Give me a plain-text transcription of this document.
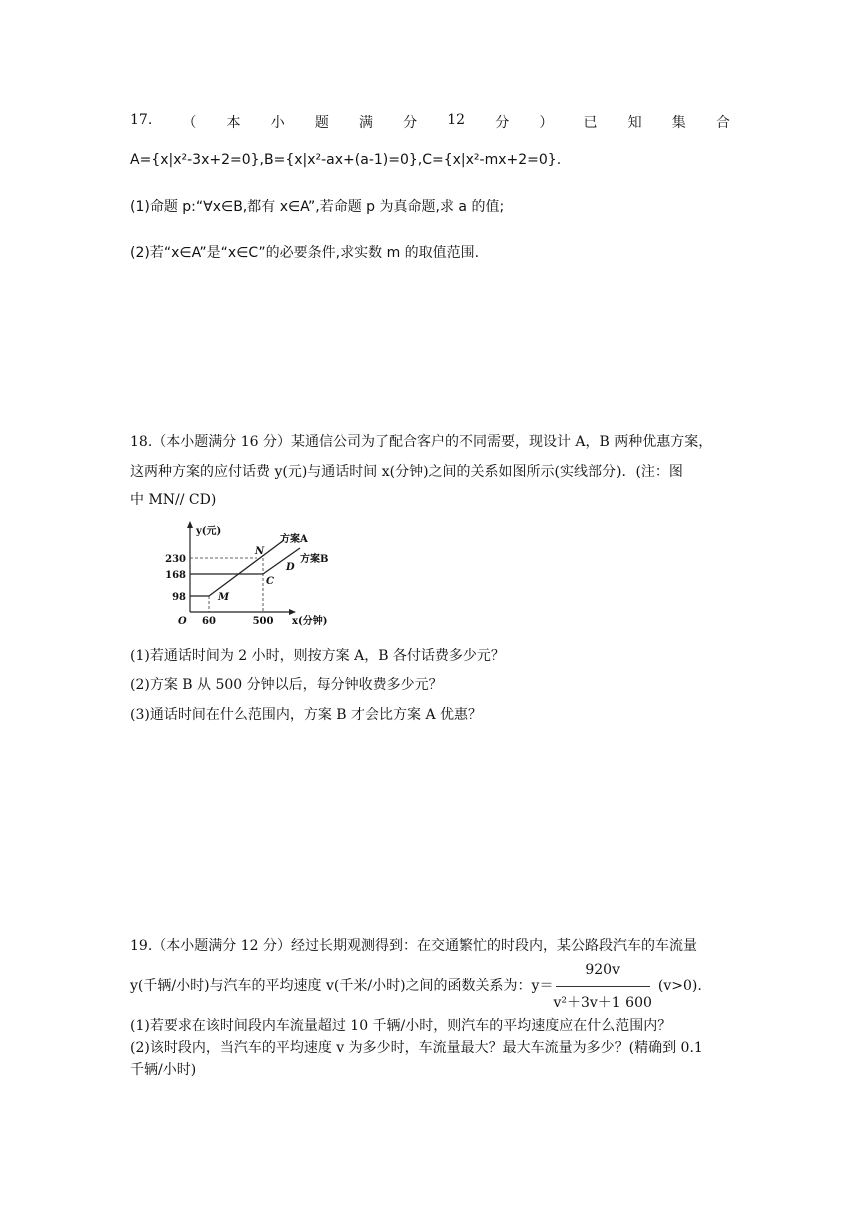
17. （ 本 小 题 满 分 12 分 ） 已 知 集 合
A={x|x²-3x+2=0},B={x|x²-ax+(a-1)=0},C={x|x²-mx+2=0}.
(1)命题 p:“∀x∈B,都有 x∈A”,若命题 p 为真命题,求 a 的值;
(2)若“x∈A”是“x∈C”的必要条件,求实数 m 的取值范围.
18.（本小题满分 16 分）某通信公司为了配合客户的不同需要，现设计 A，B 两种优惠方案，
这两种方案的应付话费 y(元)与通话时间 x(分钟)之间的关系如图所示(实线部分)．(注：图
中 MN// CD)
y(元)
x(分钟)
O
230
168
98
60	500
N
M
C
D
方案A
方案B
(1)若通话时间为 2 小时，则按方案 A，B 各付话费多少元？
(2)方案 B 从 500 分钟以后，每分钟收费多少元？
(3)通话时间在什么范围内，方案 B 才会比方案 A 优惠？
19.（本小题满分 12 分）经过长期观测得到：在交通繁忙的时段内，某公路段汽车的车流量
y(千辆/小时)与汽车的平均速度 v(千米/小时)之间的函数关系为：$y= \frac{920v}{\text{v²＋3v＋1 600}} (v>0)$.
(1)若要求在该时间段内车流量超过 10 千辆/小时，则汽车的平均速度应在什么范围内？
(2)该时段内，当汽车的平均速度 v 为多少时，车流量最大？最大车流量为多少？(精确到 0.1
千辆/小时)
